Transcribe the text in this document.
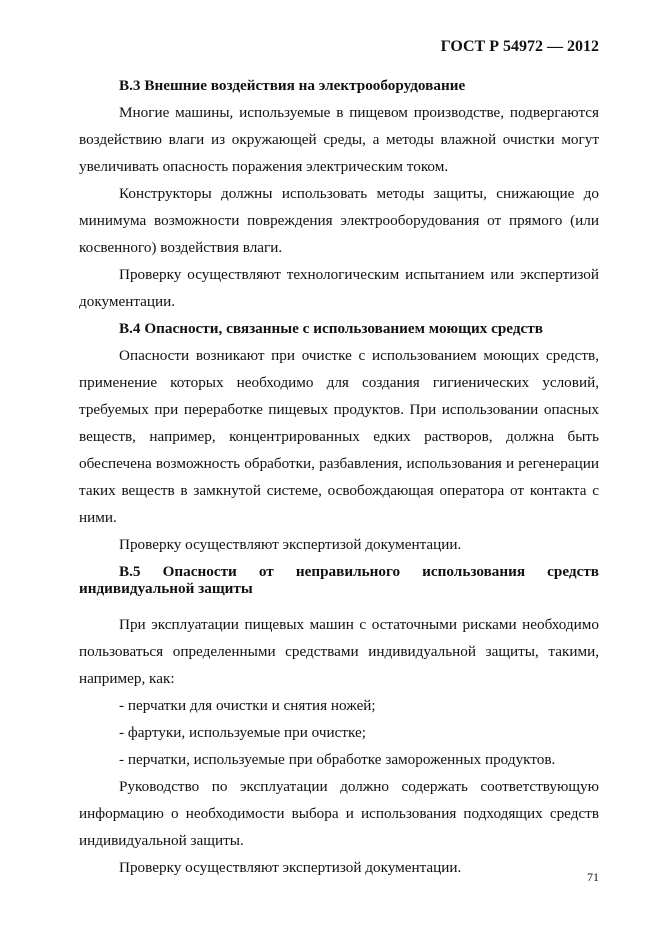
ГОСТ Р 54972 — 2012
В.3 Внешние воздействия на электрооборудование

Многие машины, используемые в пищевом производстве, подвергаются воздействию влаги из окружающей среды, а методы влажной очистки могут увеличивать опасность поражения электрическим током.

Конструкторы должны использовать методы защиты, снижающие до минимума возможности повреждения электрооборудования от прямого (или косвенного) воздействия влаги.

Проверку осуществляют технологическим испытанием или экспертизой документации.

В.4 Опасности, связанные с использованием моющих средств

Опасности возникают при очистке с использованием моющих средств, применение которых необходимо для создания гигиенических условий, требуемых при переработке пищевых продуктов. При использовании опасных веществ, например, концентрированных едких растворов, должна быть обеспечена возможность обработки, разбавления, использования и регенерации таких веществ в замкнутой системе, освобождающая оператора от контакта с ними.

Проверку осуществляют экспертизой документации.

В.5 Опасности от неправильного использования средств индивидуальной защиты

При эксплуатации пищевых машин с остаточными рисками необходимо пользоваться определенными средствами индивидуальной защиты, такими, например, как:

- перчатки для очистки и снятия ножей;
- фартуки, используемые при очистке;
- перчатки, используемые при обработке замороженных продуктов.

Руководство по эксплуатации должно содержать соответствующую информацию о необходимости выбора и использования подходящих средств индивидуальной защиты.

Проверку осуществляют экспертизой документации.

71
